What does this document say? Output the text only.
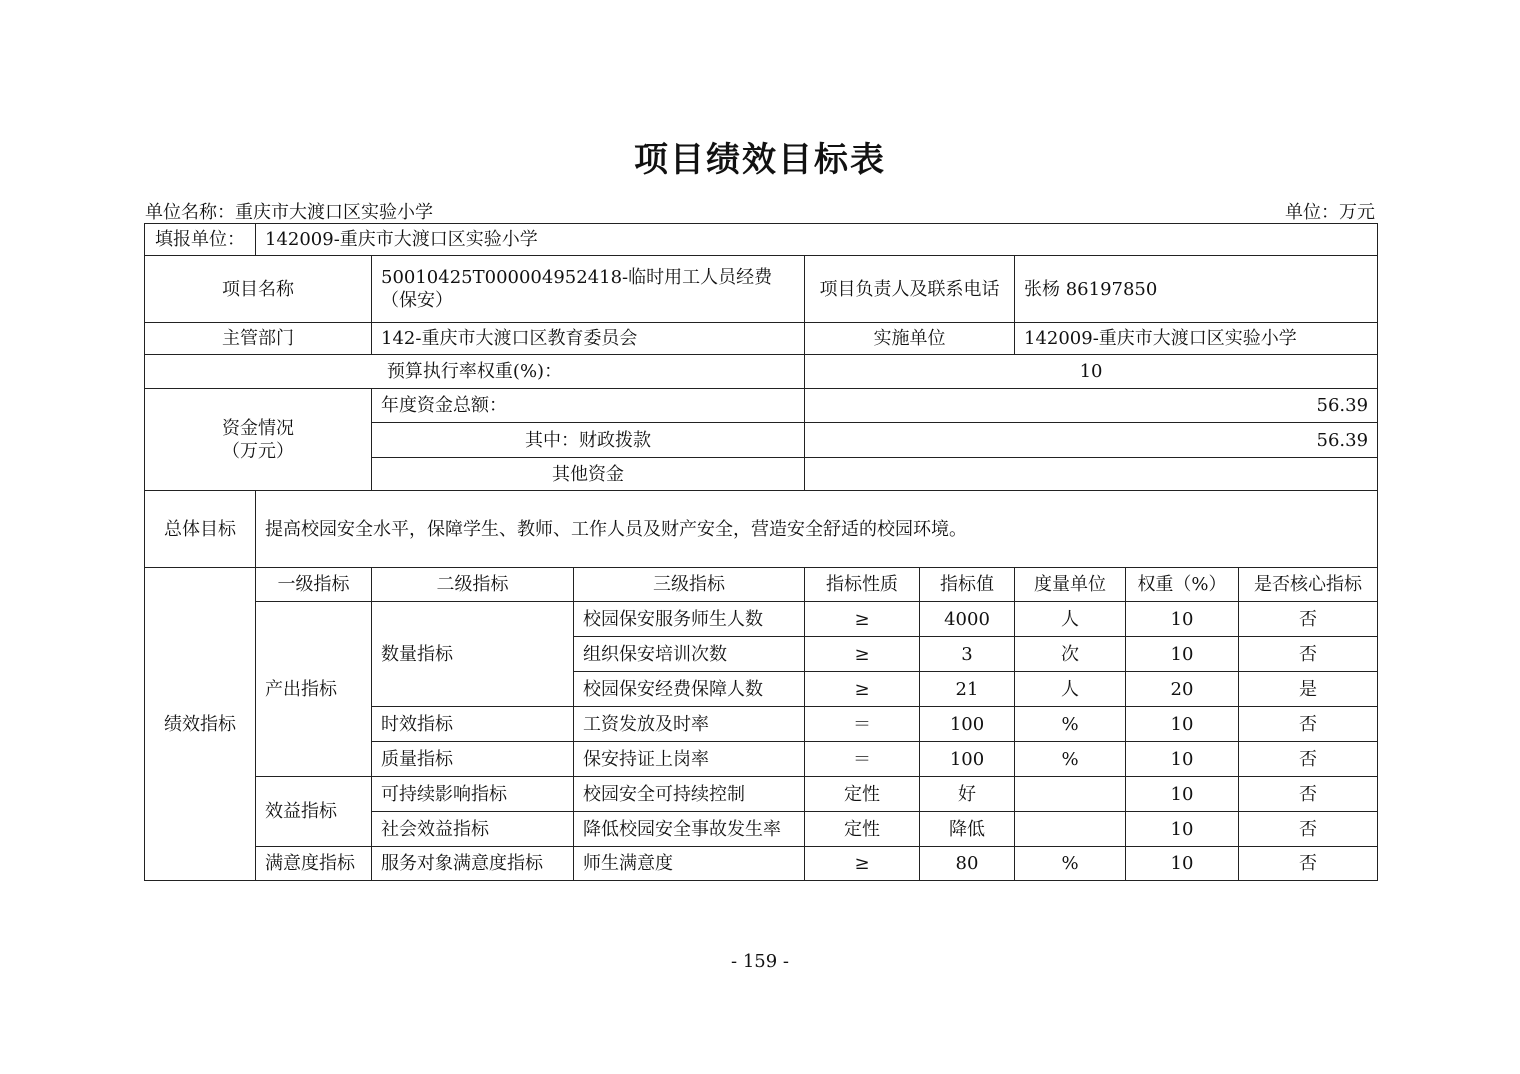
项目绩效目标表
单位名称：重庆市大渡口区实验小学	单位：万元
填报单位：	142009-重庆市大渡口区实验小学							
项目名称		50010425T000004952418-临时用工人员经费（保安）		项目负责人及联系电话		张杨 86197850		
主管部门		142-重庆市大渡口区教育委员会		实施单位		142009-重庆市大渡口区实验小学		
预算执行率权重(%)：				10				

资金情况
（万元）		年度资金总额：		56.39				
		其中：财政拨款		56.39				
		其他资金						
总体目标	提高校园安全水平，保障学生、教师、工作人员及财产安全，营造安全舒适的校园环境。							
绩效指标	一级指标	二级指标	三级指标	指标性质	指标值	度量单位	权重（%）	是否核心指标
	产出指标	数量指标	校园保安服务师生人数	≥	4000	人	10	否
			组织保安培训次数	≥	3	次	10	否
			校园保安经费保障人数	≥	21	人	20	是
		时效指标	工资发放及时率	＝	100	%	10	否
		质量指标	保安持证上岗率	＝	100	%	10	否
	效益指标	可持续影响指标	校园安全可持续控制	定性	好		10	否
		社会效益指标	降低校园安全事故发生率	定性	降低		10	否
	满意度指标	服务对象满意度指标	师生满意度	≥	80	%	10	否
- 159 -
